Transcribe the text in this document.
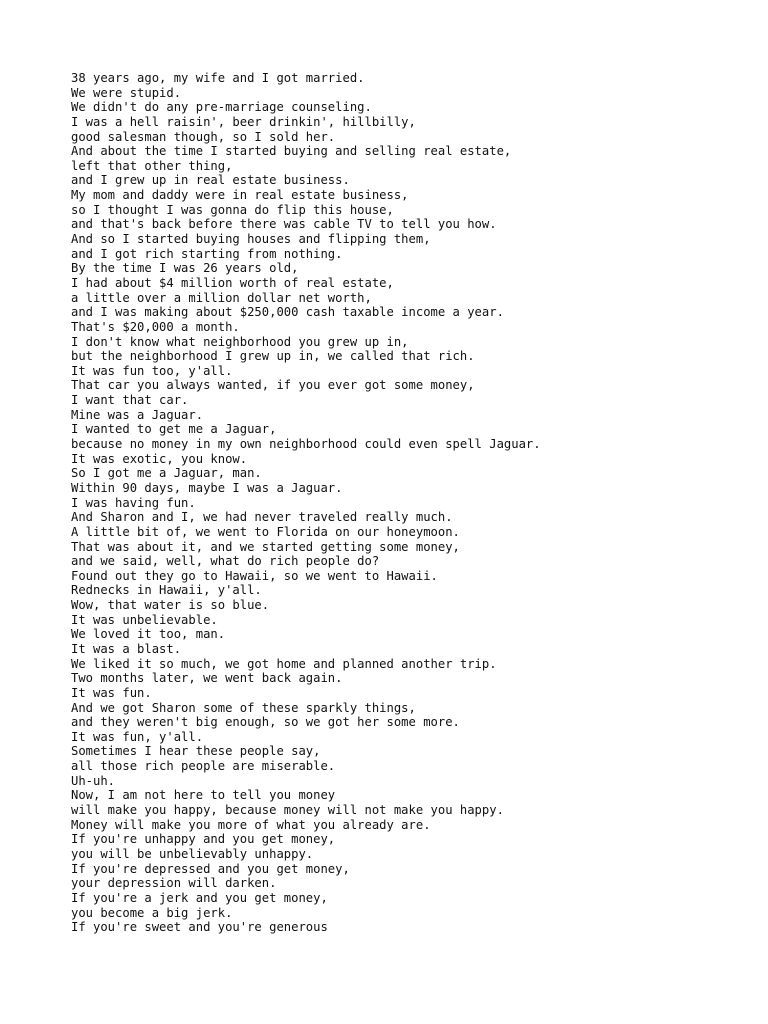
38 years ago, my wife and I got married.
We were stupid.
We didn't do any pre-marriage counseling.
I was a hell raisin', beer drinkin', hillbilly,
good salesman though, so I sold her.
And about the time I started buying and selling real estate,
left that other thing,
and I grew up in real estate business.
My mom and daddy were in real estate business,
so I thought I was gonna do flip this house,
and that's back before there was cable TV to tell you how.
And so I started buying houses and flipping them,
and I got rich starting from nothing.
By the time I was 26 years old,
I had about $4 million worth of real estate,
a little over a million dollar net worth,
and I was making about $250,000 cash taxable income a year.
That's $20,000 a month.
I don't know what neighborhood you grew up in,
but the neighborhood I grew up in, we called that rich.
It was fun too, y'all.
That car you always wanted, if you ever got some money,
I want that car.
Mine was a Jaguar.
I wanted to get me a Jaguar,
because no money in my own neighborhood could even spell Jaguar.
It was exotic, you know.
So I got me a Jaguar, man.
Within 90 days, maybe I was a Jaguar.
I was having fun.
And Sharon and I, we had never traveled really much.
A little bit of, we went to Florida on our honeymoon.
That was about it, and we started getting some money,
and we said, well, what do rich people do?
Found out they go to Hawaii, so we went to Hawaii.
Rednecks in Hawaii, y'all.
Wow, that water is so blue.
It was unbelievable.
We loved it too, man.
It was a blast.
We liked it so much, we got home and planned another trip.
Two months later, we went back again.
It was fun.
And we got Sharon some of these sparkly things,
and they weren't big enough, so we got her some more.
It was fun, y'all.
Sometimes I hear these people say,
all those rich people are miserable.
Uh-uh.
Now, I am not here to tell you money
will make you happy, because money will not make you happy.
Money will make you more of what you already are.
If you're unhappy and you get money,
you will be unbelievably unhappy.
If you're depressed and you get money,
your depression will darken.
If you're a jerk and you get money,
you become a big jerk.
If you're sweet and you're generous
